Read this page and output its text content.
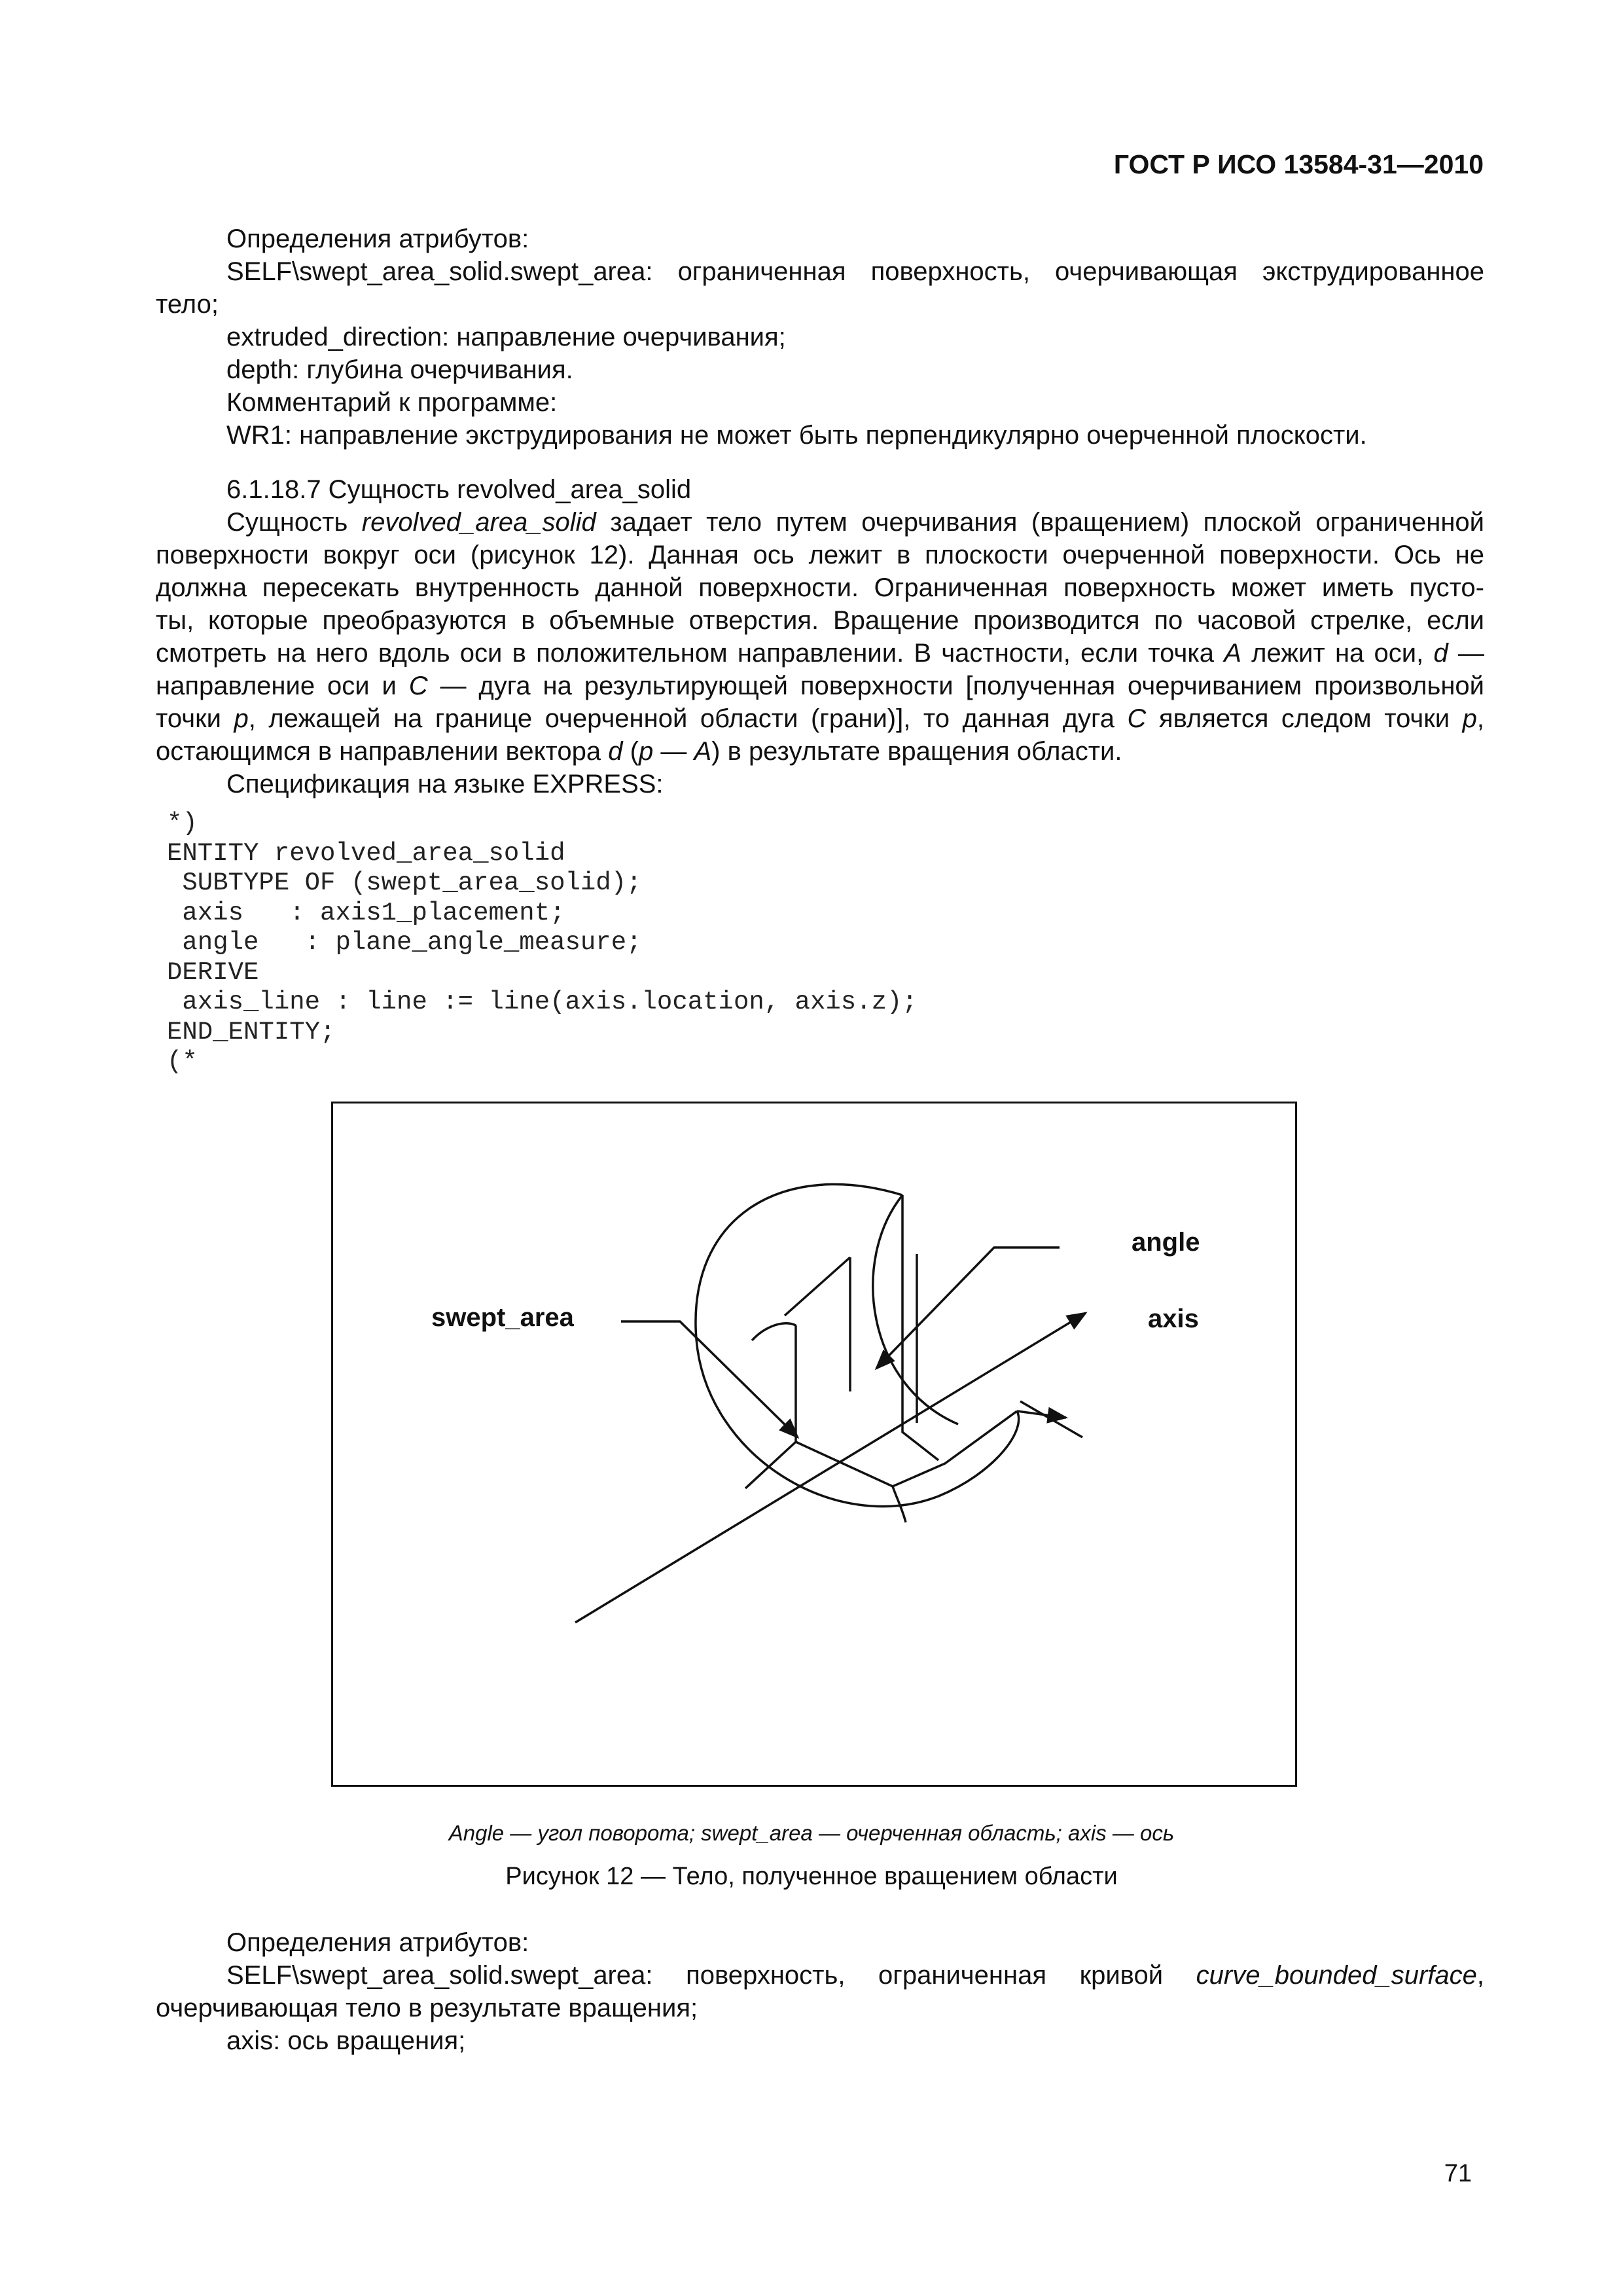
ГОСТ Р ИСО 13584-31—2010
Определения атрибутов:
SELF\swept_area_solid.swept_area: ограниченная поверхность, очерчивающая экструдированное
тело;
extruded_direction: направление очерчивания;
depth: глубина очерчивания.
Комментарий к программе:
WR1: направление экструдирования не может быть перпендикулярно очерченной плоскости.
6.1.18.7 Сущность revolved_area_solid
Сущность revolved_area_solid задает тело путем очерчивания (вращением) плоской ограниченной
поверхности вокруг оси (рисунок 12). Данная ось лежит в плоскости очерченной поверхности. Ось не
должна пересекать внутренность данной поверхности. Ограниченная поверхность может иметь пусто-
ты, которые преобразуются в объемные отверстия. Вращение производится по часовой стрелке, если
смотреть на него вдоль оси в положительном направлении. В частности, если точка A лежит на оси, d —
направление оси и C — дуга на результирующей поверхности [полученная очерчиванием произвольной
точки p, лежащей на границе очерченной области (грани)], то данная дуга C является следом точки p,
остающимся в направлении вектора d (p — A) в результате вращения области.
Спецификация на языке EXPRESS:
*)
ENTITY revolved_area_solid
SUBTYPE OF (swept_area_solid);
axis   : axis1_placement;
angle   : plane_angle_measure;
DERIVE
axis_line : line := line(axis.location, axis.z);
END_ENTITY;
(*
angle
axis
swept_area
Angle — угол поворота; swept_area — очерченная область; axis — ось
Рисунок 12 — Тело, полученное вращением области
Определения атрибутов:
SELF\swept_area_solid.swept_area: поверхность, ограниченная кривой curve_bounded_surface,
очерчивающая тело в результате вращения;
axis: ось вращения;
71
